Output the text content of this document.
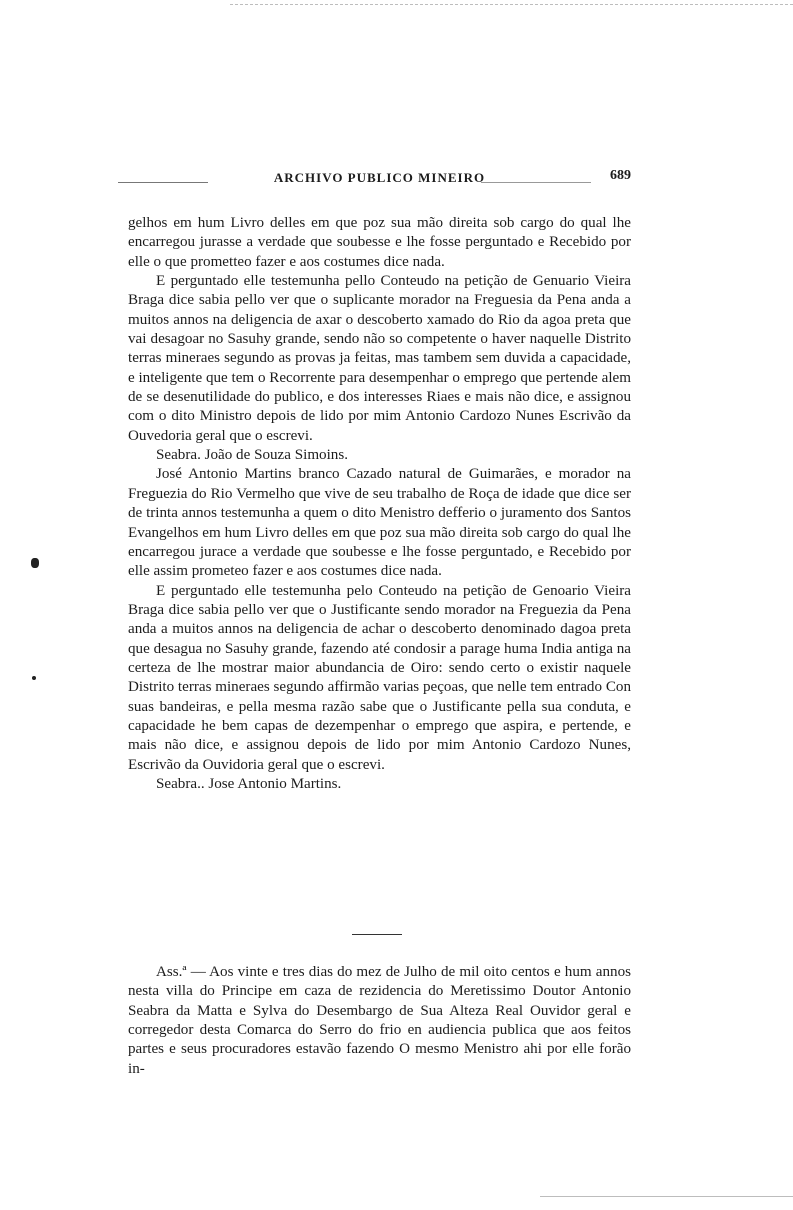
ARCHIVO PUBLICO MINEIRO	689

gelhos em hum Livro delles em que poz sua mão direita sob cargo do qual lhe encarregou jurasse a verdade que soubesse e lhe fosse perguntado e Recebido por elle o que prometteo fazer e aos costumes dice nada.

E perguntado elle testemunha pello Conteudo na petição de Genuario Vieira Braga dice sabia pello ver que o suplicante morador na Freguesia da Pena anda a muitos annos na deligencia de axar o descoberto xamado do Rio da agoa preta que vai desagoar no Sasuhy grande, sendo não so competente o haver naquelle Distrito terras mineraes segundo as provas ja feitas, mas tambem sem duvida a capacidade, e inteligente que tem o Recorrente para desempenhar o emprego que pertende alem de se desenutilidade do publico, e dos interesses Riaes e mais não dice, e assignou com o dito Ministro depois de lido por mim Antonio Cardozo Nunes Escrivão da Ouvedoria geral que o escrevi.

Seabra. João de Souza Simoins.

José Antonio Martins branco Cazado natural de Guimarães, e morador na Freguezia do Rio Vermelho que vive de seu trabalho de Roça de idade que dice ser de trinta annos testemunha a quem o dito Menistro defferio o juramento dos Santos Evangelhos em hum Livro delles em que poz sua mão direita sob cargo do qual lhe encarregou jurace a verdade que soubesse e lhe fosse perguntado, e Recebido por elle assim prometeo fazer e aos costumes dice nada.

E perguntado elle testemunha pelo Conteudo na petição de Genoario Vieira Braga dice sabia pello ver que o Justificante sendo morador na Freguezia da Pena anda a muitos annos na deligencia de achar o descoberto denominado dagoa preta que desagua no Sasuhy grande, fazendo até condosir a parage huma India antiga na certeza de lhe mostrar maior abundancia de Oiro: sendo certo o existir naquele Distrito terras mineraes segundo affirmão varias peçoas, que nelle tem entrado Con suas bandeiras, e pella mesma razão sabe que o Justificante pella sua conduta, e capacidade he bem capas de dezempenhar o emprego que aspira, e pertende, e mais não dice, e assignou depois de lido por mim Antonio Cardozo Nunes, Escrivão da Ouvidoria geral que o escrevi.

Seabra.. Jose Antonio Martins.

Ass.ª — Aos vinte e tres dias do mez de Julho de mil oito centos e hum annos nesta villa do Principe em caza de rezidencia do Meretissimo Doutor Antonio Seabra da Matta e Sylva do Desembargo de Sua Alteza Real Ouvidor geral e corregedor desta Comarca do Serro do frio en audiencia publica que aos feitos partes e seus procuradores estavão fazendo O mesmo Menistro ahi por elle forão in-
